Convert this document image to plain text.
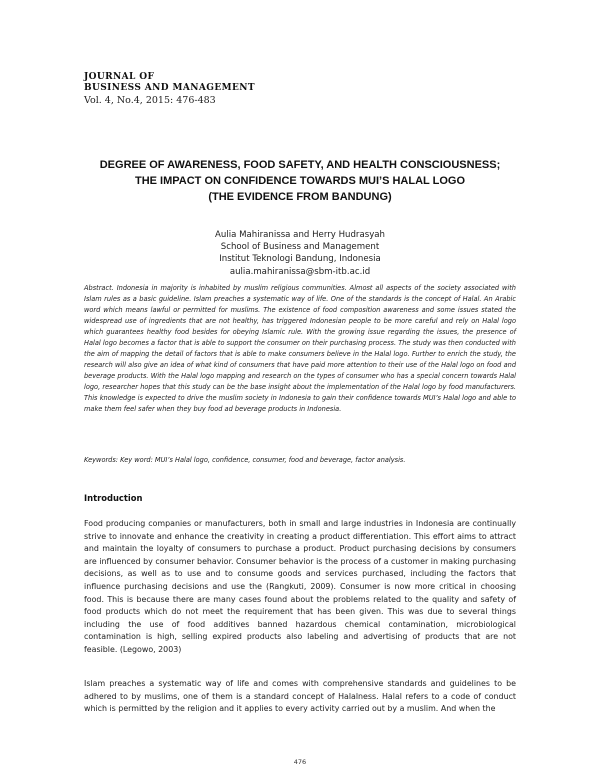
JOURNAL OF
BUSINESS AND MANAGEMENT
Vol. 4, No.4, 2015: 476-483
DEGREE OF AWARENESS, FOOD SAFETY, AND HEALTH CONSCIOUSNESS;
THE IMPACT ON CONFIDENCE TOWARDS MUI’S HALAL LOGO
(THE EVIDENCE FROM BANDUNG)
Aulia Mahiranissa and Herry Hudrasyah
School of Business and Management
Institut Teknologi Bandung, Indonesia
aulia.mahiranissa@sbm-itb.ac.id

Abstract. Indonesia in majority is inhabited by muslim religious communities. Almost all aspects of the society associated with Islam rules as a basic guideline. Islam preaches a systematic way of life. One of the standards is the concept of Halal. An Arabic word which means lawful or permitted for muslims. The existence of food composition awareness and some issues stated the widespread use of ingredients that are not healthy, has triggered Indonesian people to be more careful and rely on Halal logo which guarantees healthy food besides for obeying Islamic rule. With the growing issue regarding the issues, the presence of Halal logo becomes a factor that is able to support the consumer on their purchasing process. The study was then conducted with the aim of mapping the detail of factors that is able to make consumers believe in the Halal logo. Further to enrich the study, the research will also give an idea of what kind of consumers that have paid more attention to their use of the Halal logo on food and beverage products. With the Halal logo mapping and research on the types of consumer who has a special concern towards Halal logo, researcher hopes that this study can be the base insight about the implementation of the Halal logo by food manufacturers. This knowledge is expected to drive the muslim society in Indonesia to gain their confidence towards MUI’s Halal logo and able to make them feel safer when they buy food ad beverage products in Indonesia.

Keywords: Key word: MUI’s Halal logo, confidence, consumer, food and beverage, factor analysis.

Introduction

Food producing companies or manufacturers, both in small and large industries in Indonesia are continually strive to innovate and enhance the creativity in creating a product differentiation. This effort aims to attract and maintain the loyalty of consumers to purchase a product. Product purchasing decisions by consumers are influenced by consumer behavior. Consumer behavior is the process of a customer in making purchasing decisions, as well as to use and to consume goods and services purchased, including the factors that influence purchasing decisions and use the (Rangkuti, 2009). Consumer is now more critical in choosing food. This is because there are many cases found about the problems related to the quality and safety of food products which do not meet the requirement that has been given. This was due to several things including the use of food additives banned hazardous chemical contamination, microbiological contamination is high, selling expired products also labeling and advertising of products that are not feasible. (Legowo, 2003)

Islam preaches a systematic way of life and comes with comprehensive standards and guidelines to be adhered to by muslims, one of them is a standard concept of Halalness. Halal refers to a code of conduct which is permitted by the religion and it applies to every activity carried out by a muslim. And when the

476
